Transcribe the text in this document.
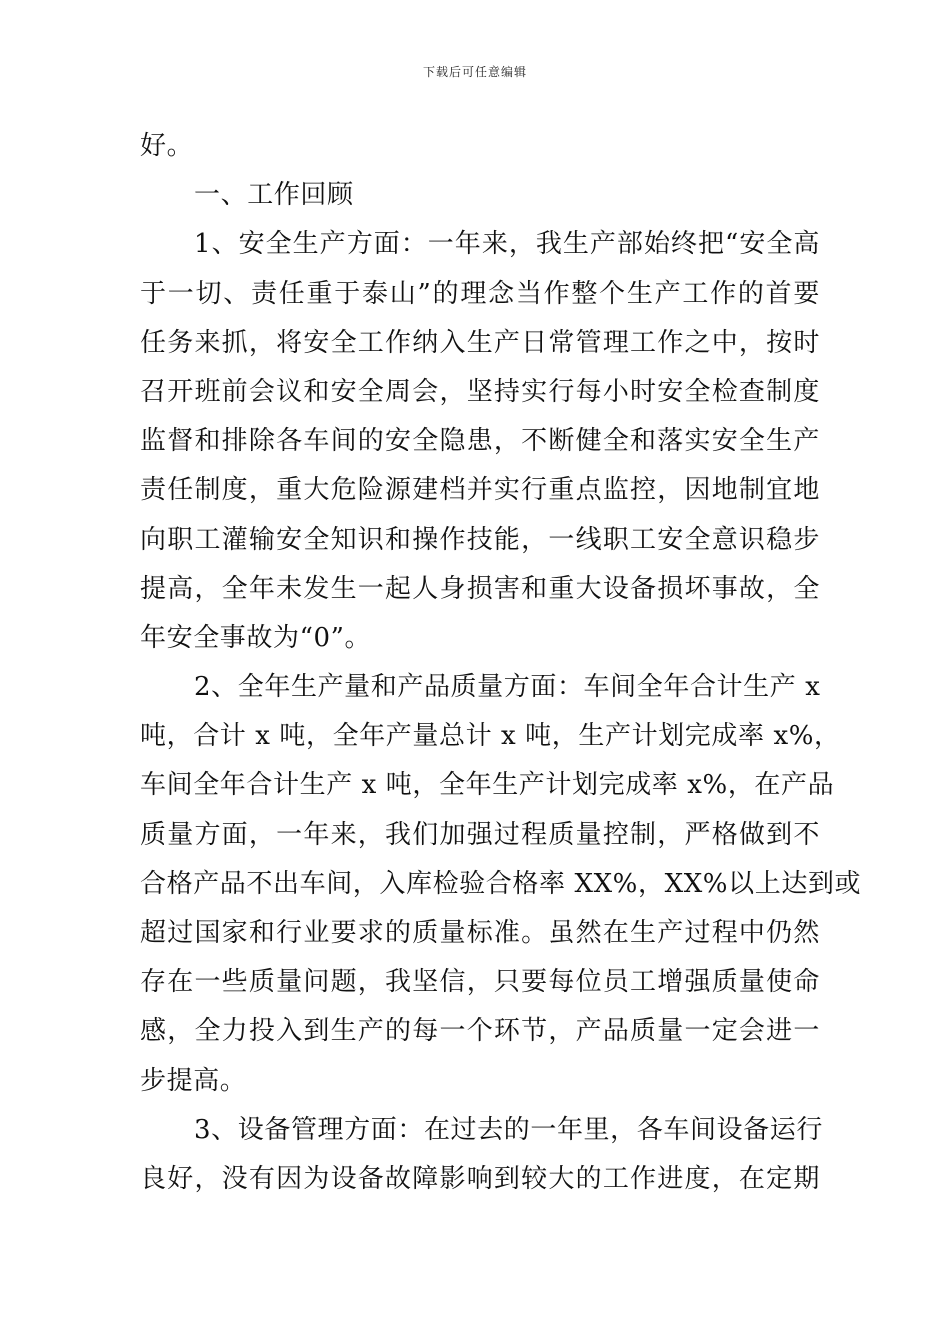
下载后可任意编辑
好。
一、工作回顾
1、安全生产方面：一年来，我生产部始终把“安全高
于一切、责任重于泰山”的理念当作整个生产工作的首要
任务来抓，将安全工作纳入生产日常管理工作之中，按时
召开班前会议和安全周会，坚持实行每小时安全检查制度
监督和排除各车间的安全隐患，不断健全和落实安全生产
责任制度，重大危险源建档并实行重点监控，因地制宜地
向职工灌输安全知识和操作技能，一线职工安全意识稳步
提高，全年未发生一起人身损害和重大设备损坏事故，全
年安全事故为“0”。
2、全年生产量和产品质量方面：车间全年合计生产 x
吨，合计 x 吨，全年产量总计 x 吨，生产计划完成率 x%，
车间全年合计生产 x 吨，全年生产计划完成率 x%，在产品
质量方面，一年来，我们加强过程质量控制，严格做到不
合格产品不出车间，入库检验合格率 XX%，XX%以上达到或
超过国家和行业要求的质量标准。虽然在生产过程中仍然
存在一些质量问题，我坚信，只要每位员工增强质量使命
感，全力投入到生产的每一个环节，产品质量一定会进一
步提高。
3、设备管理方面：在过去的一年里，各车间设备运行
良好，没有因为设备故障影响到较大的工作进度，在定期
